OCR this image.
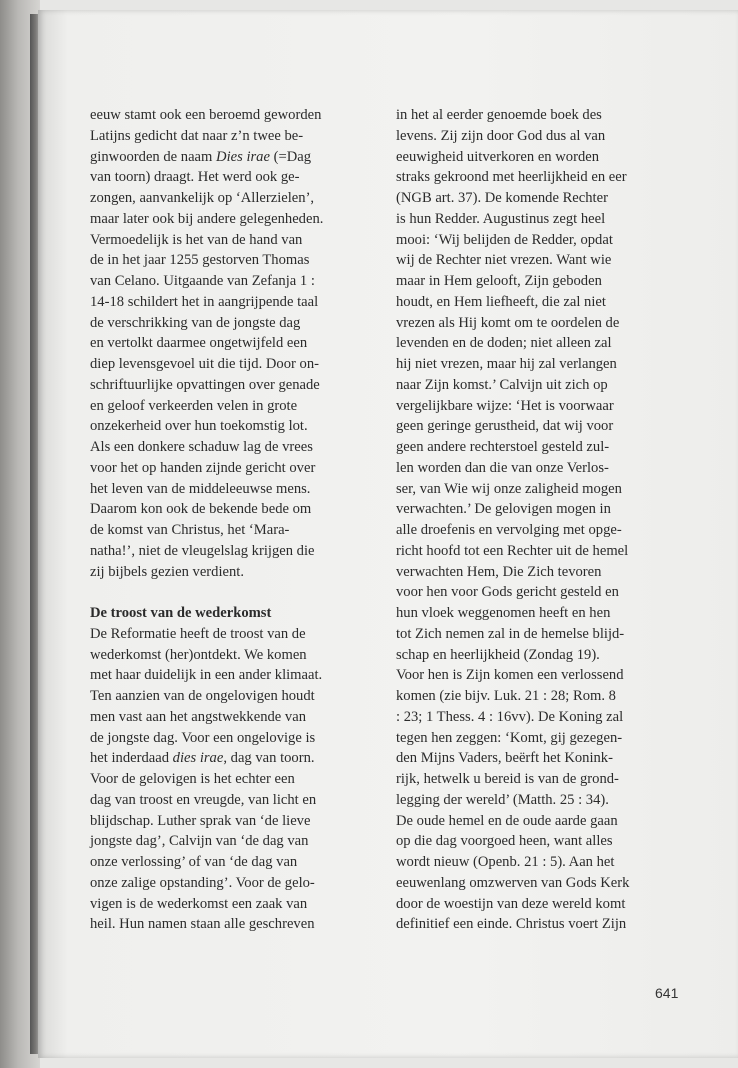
eeuw stamt ook een beroemd geworden
Latijns gedicht dat naar z’n twee be-
ginwoorden de naam Dies irae (=Dag
van toorn) draagt. Het werd ook ge-
zongen, aanvankelijk op ‘Allerzielen’,
maar later ook bij andere gelegenheden.
Vermoedelijk is het van de hand van
de in het jaar 1255 gestorven Thomas
van Celano. Uitgaande van Zefanja 1 :
14-18 schildert het in aangrijpende taal
de verschrikking van de jongste dag
en vertolkt daarmee ongetwijfeld een
diep levensgevoel uit die tijd. Door on-
schriftuurlijke opvattingen over genade
en geloof verkeerden velen in grote
onzekerheid over hun toekomstig lot.
Als een donkere schaduw lag de vrees
voor het op handen zijnde gericht over
het leven van de middeleeuwse mens.
Daarom kon ook de bekende bede om
de komst van Christus, het ‘Mara-
natha!’, niet de vleugelslag krijgen die
zij bijbels gezien verdient.
De troost van de wederkomst
De Reformatie heeft de troost van de
wederkomst (her)ontdekt. We komen
met haar duidelijk in een ander klimaat.
Ten aanzien van de ongelovigen houdt
men vast aan het angstwekkende van
de jongste dag. Voor een ongelovige is
het inderdaad dies irae, dag van toorn.
Voor de gelovigen is het echter een
dag van troost en vreugde, van licht en
blijdschap. Luther sprak van ‘de lieve
jongste dag’, Calvijn van ‘de dag van
onze verlossing’ of van ‘de dag van
onze zalige opstanding’. Voor de gelo-
vigen is de wederkomst een zaak van
heil. Hun namen staan alle geschreven
in het al eerder genoemde boek des
levens. Zij zijn door God dus al van
eeuwigheid uitverkoren en worden
straks gekroond met heerlijkheid en eer
(NGB art. 37). De komende Rechter
is hun Redder. Augustinus zegt heel
mooi: ‘Wij belijden de Redder, opdat
wij de Rechter niet vrezen. Want wie
maar in Hem gelooft, Zijn geboden
houdt, en Hem liefheeft, die zal niet
vrezen als Hij komt om te oordelen de
levenden en de doden; niet alleen zal
hij niet vrezen, maar hij zal verlangen
naar Zijn komst.’ Calvijn uit zich op
vergelijkbare wijze: ‘Het is voorwaar
geen geringe gerustheid, dat wij voor
geen andere rechterstoel gesteld zul-
len worden dan die van onze Verlos-
ser, van Wie wij onze zaligheid mogen
verwachten.’ De gelovigen mogen in
alle droefenis en vervolging met opge-
richt hoofd tot een Rechter uit de hemel
verwachten Hem, Die Zich tevoren
voor hen voor Gods gericht gesteld en
hun vloek weggenomen heeft en hen
tot Zich nemen zal in de hemelse blijd-
schap en heerlijkheid (Zondag 19).
Voor hen is Zijn komen een verlossend
komen (zie bijv. Luk. 21 : 28; Rom. 8
: 23; 1 Thess. 4 : 16vv). De Koning zal
tegen hen zeggen: ‘Komt, gij gezegen-
den Mijns Vaders, beërft het Konink-
rijk, hetwelk u bereid is van de grond-
legging der wereld’ (Matth. 25 : 34).
De oude hemel en de oude aarde gaan
op die dag voorgoed heen, want alles
wordt nieuw (Openb. 21 : 5). Aan het
eeuwenlang omzwerven van Gods Kerk
door de woestijn van deze wereld komt
definitief een einde. Christus voert Zijn
641
